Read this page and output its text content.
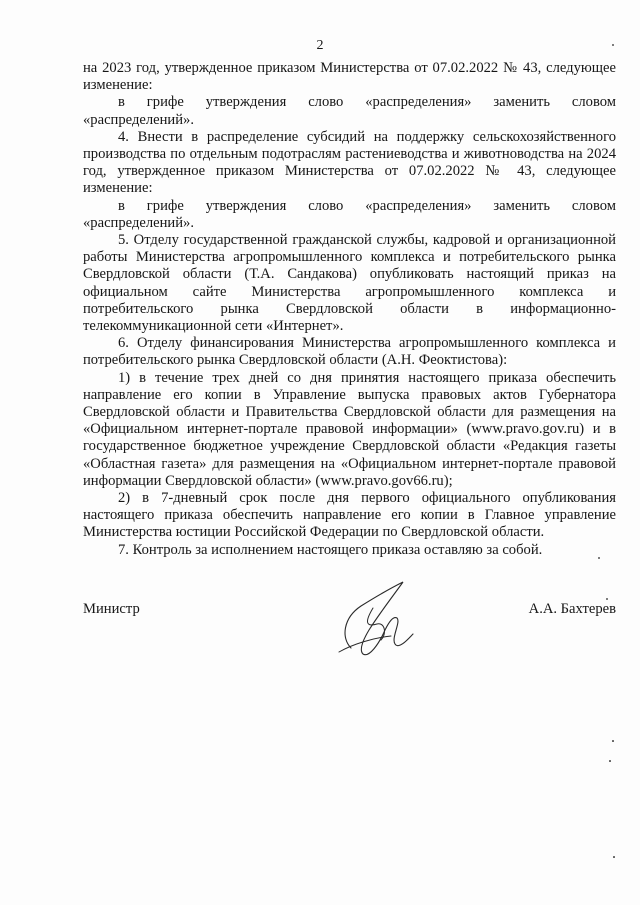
2

на 2023 год, утвержденное приказом Министерства от 07.02.2022 № 43, следующее изменение:

в грифе утверждения слово «распределения» заменить словом «распределений».

4. Внести в распределение субсидий на поддержку сельскохозяйственного производства по отдельным подотраслям растениеводства и животноводства на 2024 год, утвержденное приказом Министерства от 07.02.2022 № 43, следующее изменение:

в грифе утверждения слово «распределения» заменить словом «распределений».

5. Отделу государственной гражданской службы, кадровой и организационной работы Министерства агропромышленного комплекса и потребительского рынка Свердловской области (Т.А. Сандакова) опубликовать настоящий приказ на официальном сайте Министерства агропромышленного комплекса и потребительского рынка Свердловской области в информационно-телекоммуникационной сети «Интернет».

6. Отделу финансирования Министерства агропромышленного комплекса и потребительского рынка Свердловской области (А.Н. Феоктистова):

1) в течение трех дней со дня принятия настоящего приказа обеспечить направление его копии в Управление выпуска правовых актов Губернатора Свердловской области и Правительства Свердловской области для размещения на «Официальном интернет-портале правовой информации» (www.pravo.gov.ru) и в государственное бюджетное учреждение Свердловской области «Редакция газеты «Областная газета» для размещения на «Официальном интернет-портале правовой информации Свердловской области» (www.pravo.gov66.ru);

2) в 7-дневный срок после дня первого официального опубликования настоящего приказа обеспечить направление его копии в Главное управление Министерства юстиции Российской Федерации по Свердловской области.

7. Контроль за исполнением настоящего приказа оставляю за собой.

Министр	А.А. Бахтерев
